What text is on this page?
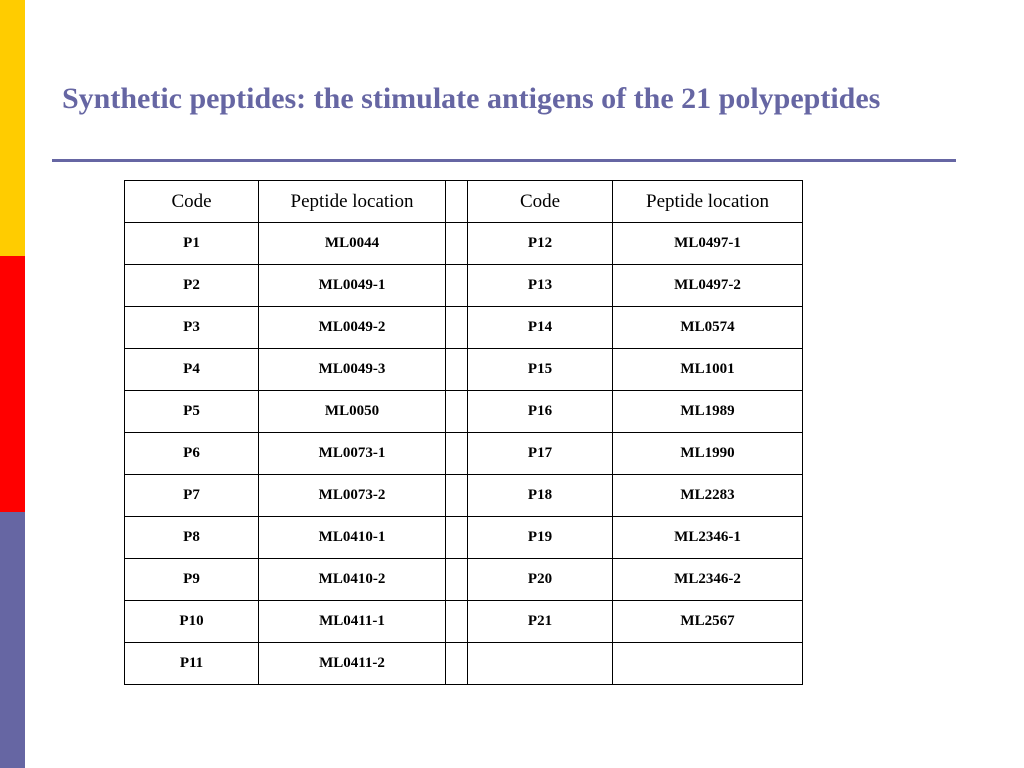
Synthetic peptides: the stimulate antigens of the 21 polypeptides
Code	Peptide location		Code	Peptide location
P1	ML0044		P12	ML0497-1
P2	ML0049-1		P13	ML0497-2
P3	ML0049-2		P14	ML0574
P4	ML0049-3		P15	ML1001
P5	ML0050		P16	ML1989
P6	ML0073-1		P17	ML1990
P7	ML0073-2		P18	ML2283
P8	ML0410-1		P19	ML2346-1
P9	ML0410-2		P20	ML2346-2
P10	ML0411-1		P21	ML2567
P11	ML0411-2			
